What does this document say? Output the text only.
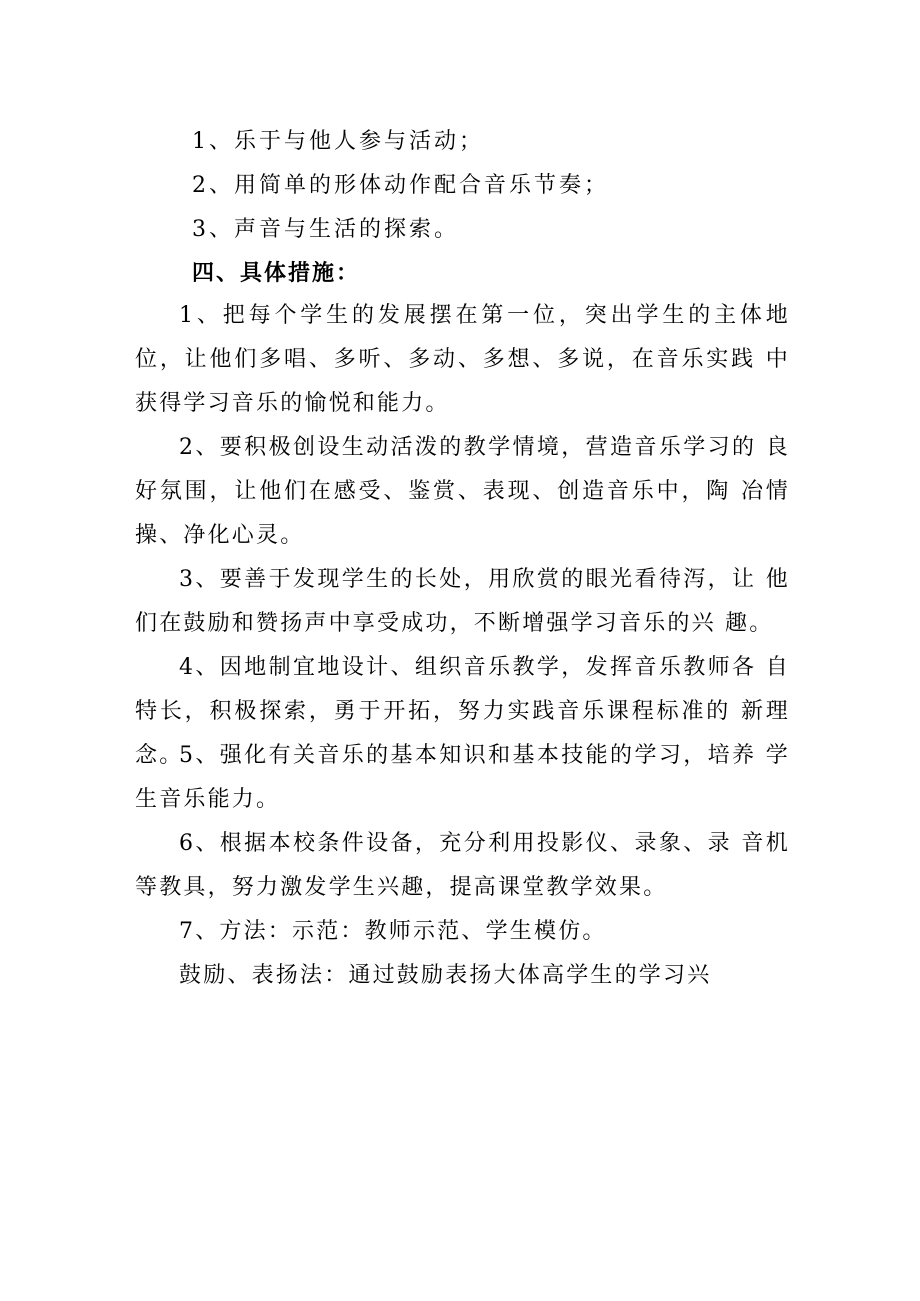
1、乐于与他人参与活动；
2、用简单的形体动作配合音乐节奏；
3、声音与生活的探索。
四、具体措施：

1、把每个学生的发展摆在第一位，突出学生的主体地 位，让他们多唱、多听、多动、多想、多说，在音乐实践 中获得学习音乐的愉悦和能力。

2、要积极创设生动活泼的教学情境，营造音乐学习的 良好氛围，让他们在感受、鉴赏、表现、创造音乐中，陶 冶情操、净化心灵。

3、要善于发现学生的长处，用欣赏的眼光看待泻，让 他们在鼓励和赞扬声中享受成功，不断增强学习音乐的兴 趣。

4、因地制宜地设计、组织音乐教学，发挥音乐教师各 自特长，积极探索，勇于开拓，努力实践音乐课程标准的 新理念。

5、强化有关音乐的基本知识和基本技能的学习，培养 学生音乐能力。

6、根据本校条件设备，充分利用投影仪、录象、录 音机等教具，努力激发学生兴趣，提高课堂教学效果。

7、方法：示范：教师示范、学生模仿。

鼓励、表扬法：通过鼓励表扬大体高学生的学习兴
